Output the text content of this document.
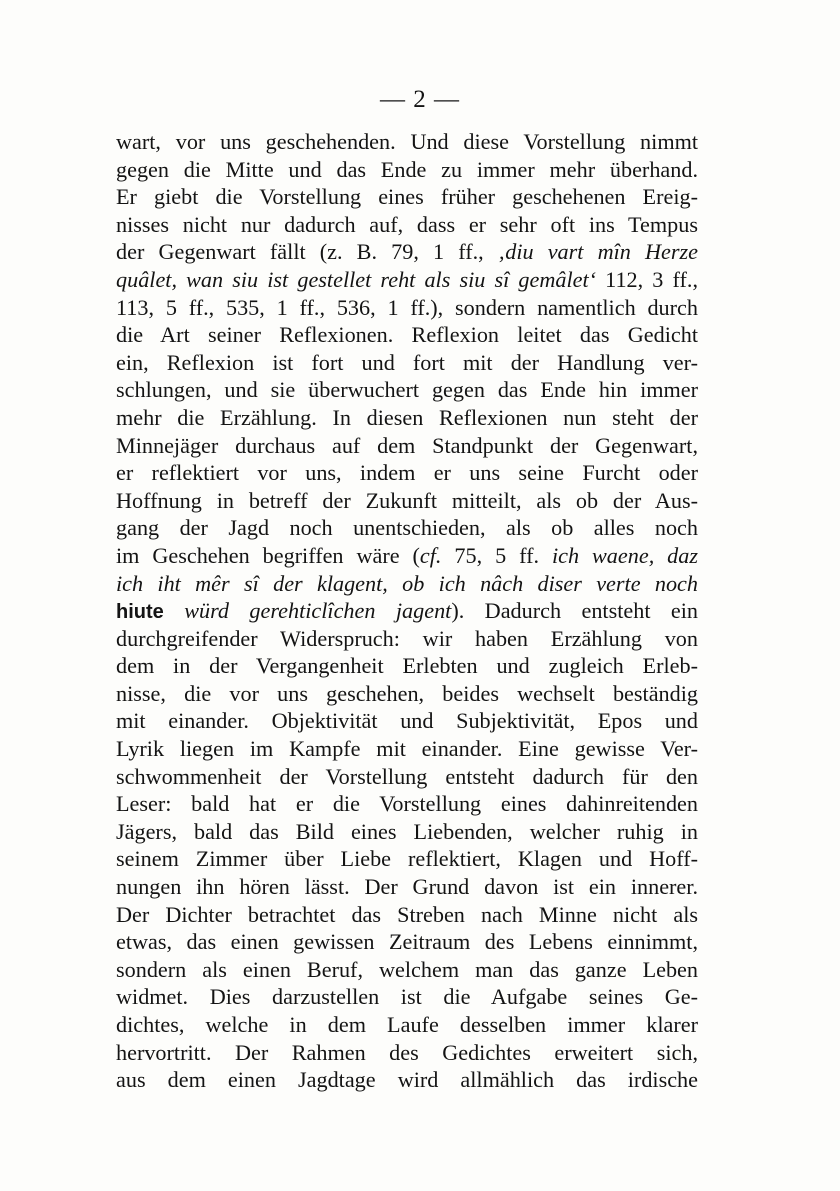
— 2 —
wart, vor uns geschehenden. Und diese Vorstellung nimmt
gegen die Mitte und das Ende zu immer mehr überhand.
Er giebt die Vorstellung eines früher geschehenen Ereig-
nisses nicht nur dadurch auf, dass er sehr oft ins Tempus
der Gegenwart fällt (z. B. 79, 1 ff., ‚diu vart mîn Herze
quâlet, wan siu ist gestellet reht als siu sî gemâlet‘ 112, 3 ff.,
113, 5 ff., 535, 1 ff., 536, 1 ff.), sondern namentlich durch
die Art seiner Reflexionen. Reflexion leitet das Gedicht
ein, Reflexion ist fort und fort mit der Handlung ver-
schlungen, und sie überwuchert gegen das Ende hin immer
mehr die Erzählung. In diesen Reflexionen nun steht der
Minnejäger durchaus auf dem Standpunkt der Gegenwart,
er reflektiert vor uns, indem er uns seine Furcht oder
Hoffnung in betreff der Zukunft mitteilt, als ob der Aus-
gang der Jagd noch unentschieden, als ob alles noch
im Geschehen begriffen wäre (cf. 75, 5 ff. ich waene, daz
ich iht mêr sî der klagent, ob ich nâch diser verte noch
hiute würd gerehticlîchen jagent). Dadurch entsteht ein
durchgreifender Widerspruch: wir haben Erzählung von
dem in der Vergangenheit Erlebten und zugleich Erleb-
nisse, die vor uns geschehen, beides wechselt beständig
mit einander. Objektivität und Subjektivität, Epos und
Lyrik liegen im Kampfe mit einander. Eine gewisse Ver-
schwommenheit der Vorstellung entsteht dadurch für den
Leser: bald hat er die Vorstellung eines dahinreitenden
Jägers, bald das Bild eines Liebenden, welcher ruhig in
seinem Zimmer über Liebe reflektiert, Klagen und Hoff-
nungen ihn hören lässt. Der Grund davon ist ein innerer.
Der Dichter betrachtet das Streben nach Minne nicht als
etwas, das einen gewissen Zeitraum des Lebens einnimmt,
sondern als einen Beruf, welchem man das ganze Leben
widmet. Dies darzustellen ist die Aufgabe seines Ge-
dichtes, welche in dem Laufe desselben immer klarer
hervortritt. Der Rahmen des Gedichtes erweitert sich,
aus dem einen Jagdtage wird allmählich das irdische
